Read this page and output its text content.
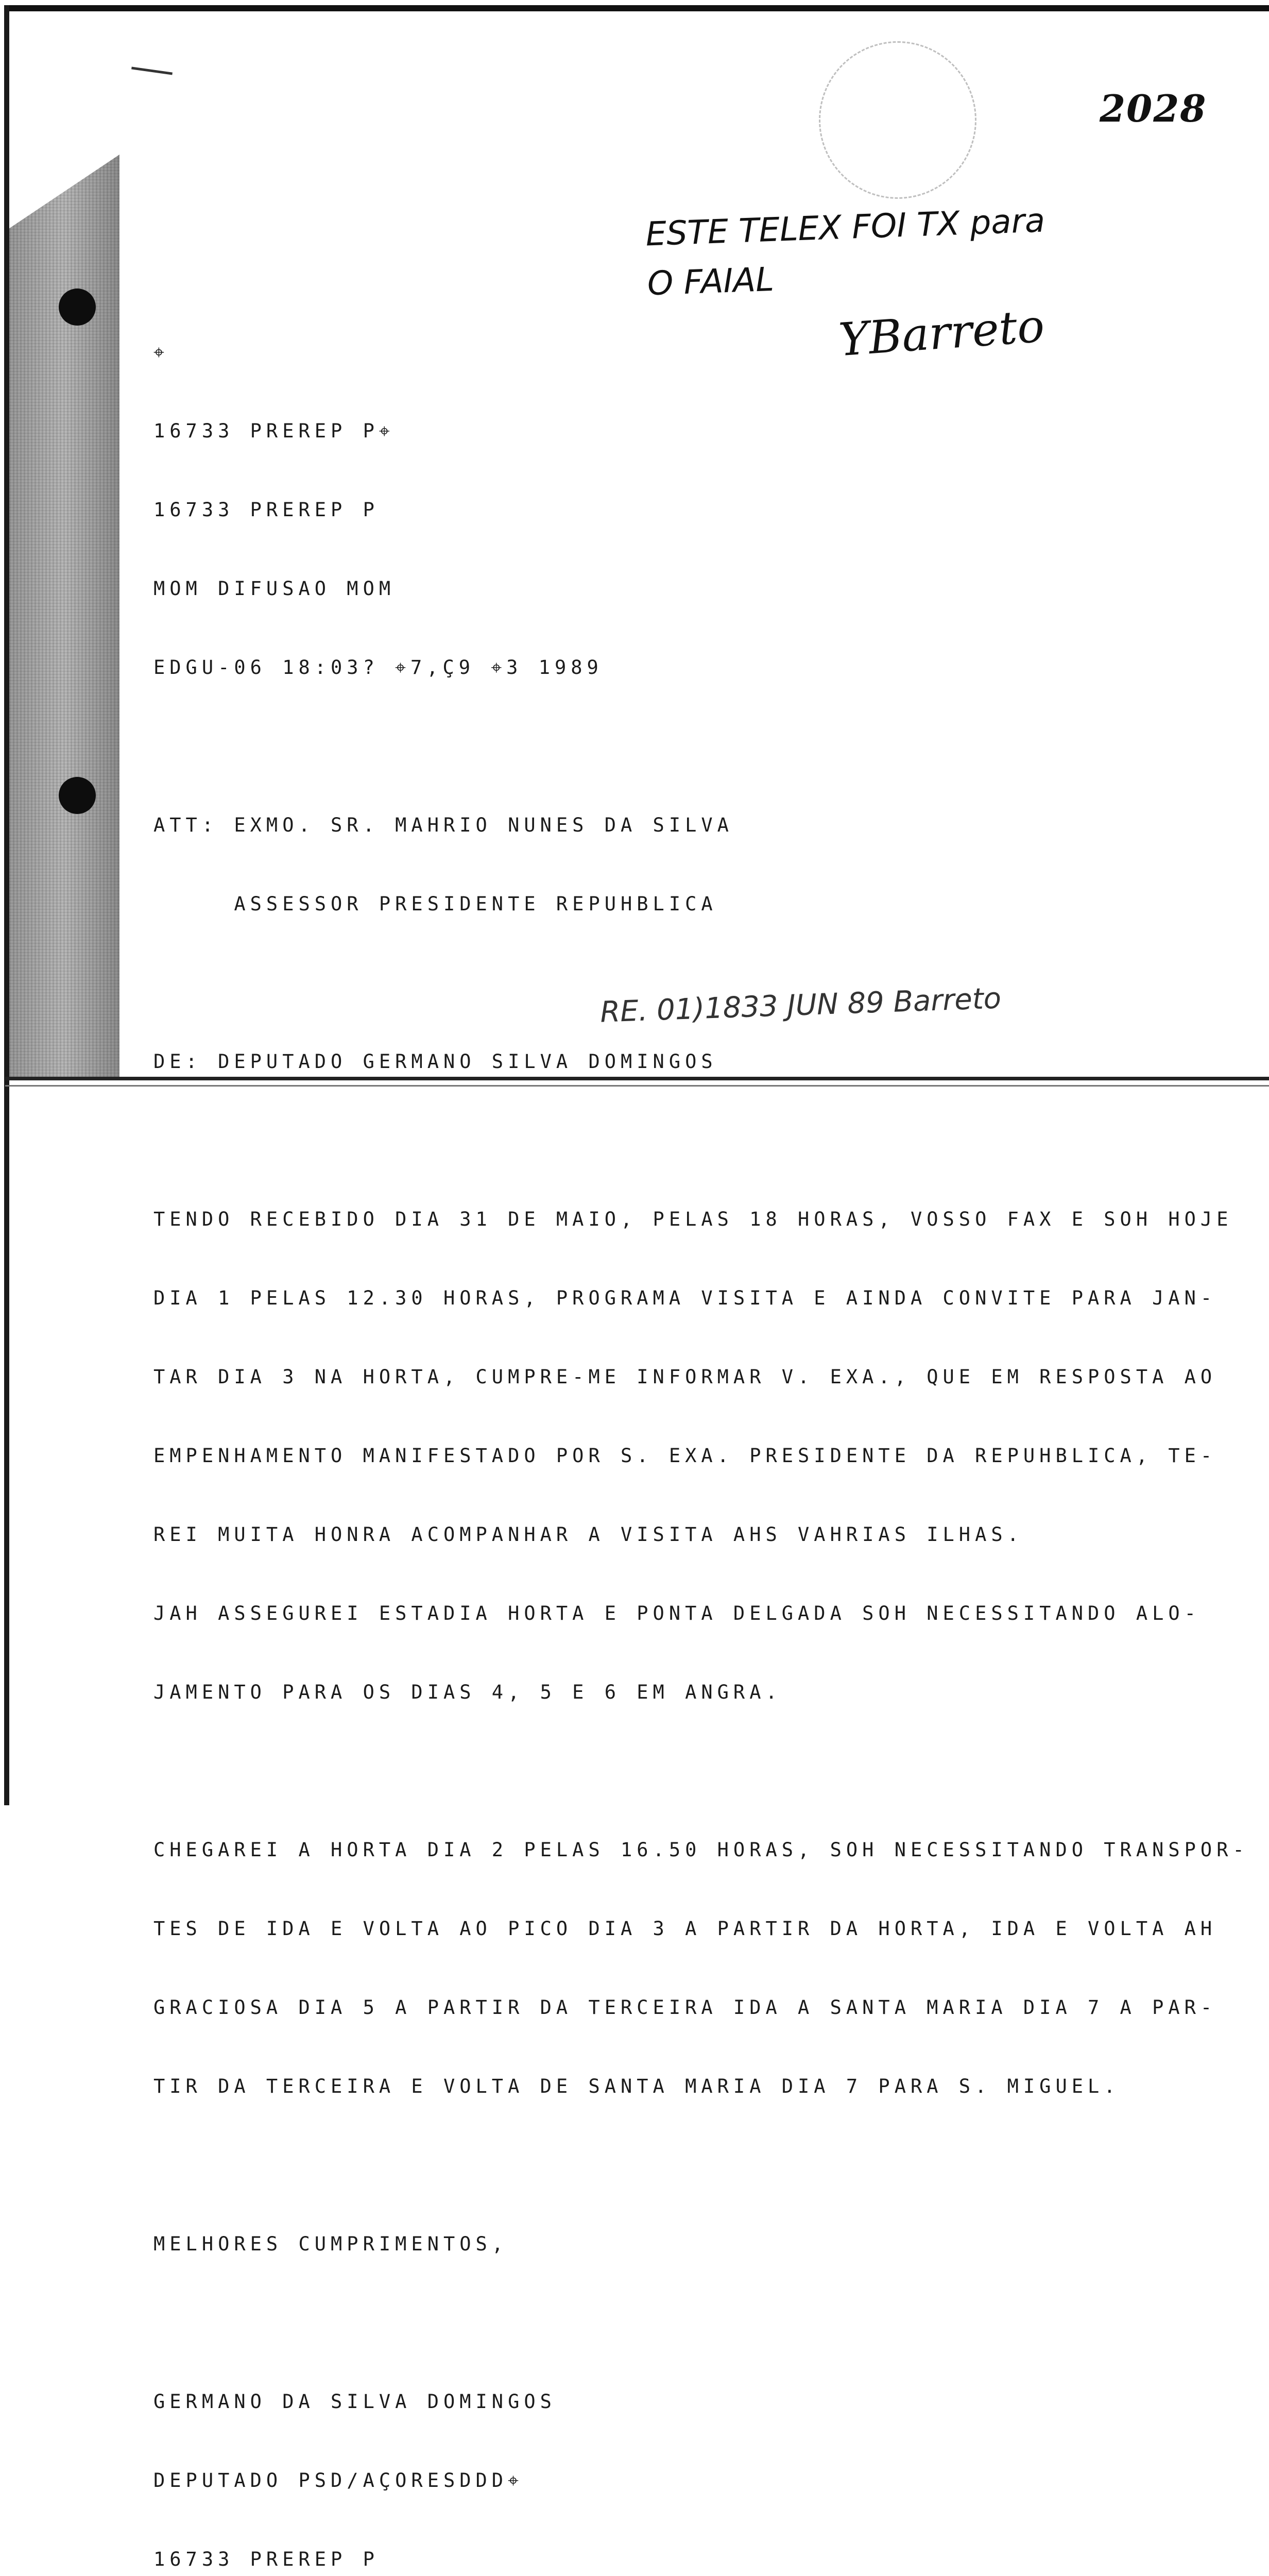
2028
ESTE TELEX FOI TX para
O FAIAL
YBarreto

⌖

16733 PREREP P⌖

16733 PREREP P

MOM DIFUSAO MOM

EDGU-06 18:03? ⌖7,Ç9 ⌖3 1989

ATT: EXMO. SR. MAHRIO NUNES DA SILVA

ASSESSOR PRESIDENTE REPUHBLICA

DE: DEPUTADO GERMANO SILVA DOMINGOS

TENDO RECEBIDO DIA 31 DE MAIO, PELAS 18 HORAS, VOSSO FAX E SOH HOJE

DIA 1 PELAS 12.30 HORAS, PROGRAMA VISITA E AINDA CONVITE PARA JAN-

TAR DIA 3 NA HORTA, CUMPRE-ME INFORMAR V. EXA., QUE EM RESPOSTA AO

EMPENHAMENTO MANIFESTADO POR S. EXA. PRESIDENTE DA REPUHBLICA, TE-

REI MUITA HONRA ACOMPANHAR A VISITA AHS VAHRIAS ILHAS.

JAH ASSEGUREI ESTADIA HORTA E PONTA DELGADA SOH NECESSITANDO ALO-

JAMENTO PARA OS DIAS 4, 5 E 6 EM ANGRA.

CHEGAREI A HORTA DIA 2 PELAS 16.50 HORAS, SOH NECESSITANDO TRANSPOR-

TES DE IDA E VOLTA AO PICO DIA 3 A PARTIR DA HORTA, IDA E VOLTA AH

GRACIOSA DIA 5 A PARTIR DA TERCEIRA IDA A SANTA MARIA DIA 7 A PAR-

TIR DA TERCEIRA E VOLTA DE SANTA MARIA DIA 7 PARA S. MIGUEL.

MELHORES CUMPRIMENTOS,

GERMANO DA SILVA DOMINGOS

DEPUTADO PSD/AÇORESDDD⌖

16733 PREREP P

RE. 01)1833 JUN 89 Barreto
